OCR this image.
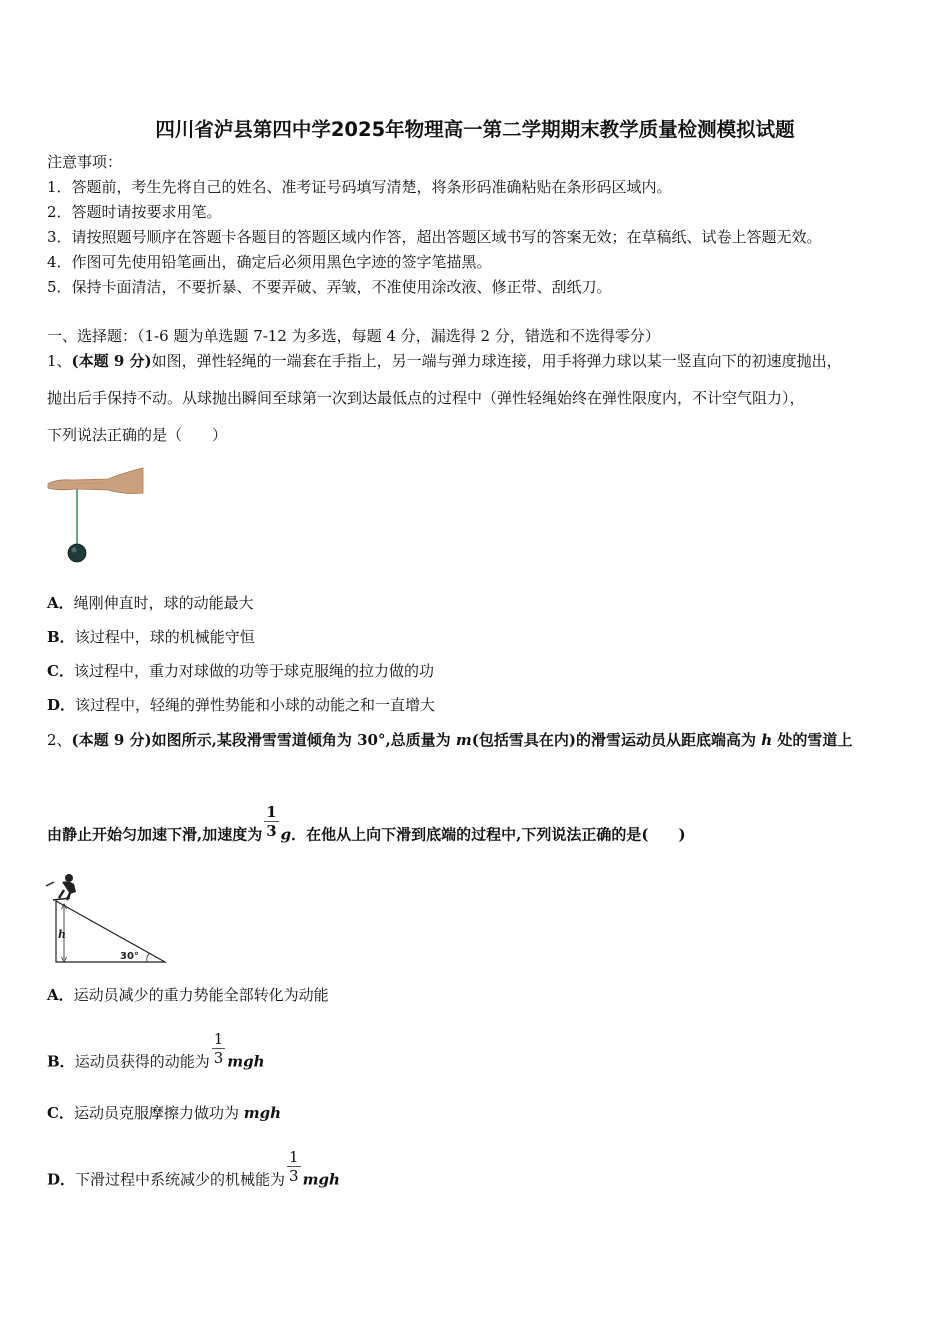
四川省泸县第四中学2025年物理高一第二学期期末教学质量检测模拟试题
注意事项：
1．答题前，考生先将自己的姓名、准考证号码填写清楚，将条形码准确粘贴在条形码区域内。
2．答题时请按要求用笔。
3．请按照题号顺序在答题卡各题目的答题区域内作答，超出答题区域书写的答案无效；在草稿纸、试卷上答题无效。
4．作图可先使用铅笔画出，确定后必须用黑色字迹的签字笔描黑。
5．保持卡面清洁，不要折暴、不要弄破、弄皱，不准使用涂改液、修正带、刮纸刀。
一、选择题：（1-6 题为单选题 7-12 为多选，每题 4 分，漏选得 2 分，错选和不选得零分）
1、(本题 9 分)如图，弹性轻绳的一端套在手指上，另一端与弹力球连接，用手将弹力球以某一竖直向下的初速度抛出，
抛出后手保持不动。从球抛出瞬间至球第一次到达最低点的过程中（弹性轻绳始终在弹性限度内，不计空气阻力），
下列说法正确的是（　　）
A．绳刚伸直时，球的动能最大
B．该过程中，球的机械能守恒
C．该过程中，重力对球做的功等于球克服绳的拉力做的功
D．该过程中，轻绳的弹性势能和小球的动能之和一直增大
2、(本题 9 分)如图所示,某段滑雪雪道倾角为 30°,总质量为 m(包括雪具在内)的滑雪运动员从距底端高为 h 处的雪道上
由静止开始匀加速下滑,加速度为 $\frac{1}{3}$ g．在他从上向下滑到底端的过程中,下列说法正确的是(　　)
h
30°
A．运动员减少的重力势能全部转化为动能
B．运动员获得的动能为 $\frac{1}{3}$ mgh
C．运动员克服摩擦力做功为 mgh
D．下滑过程中系统减少的机械能为 $\frac{1}{3}$ mgh
